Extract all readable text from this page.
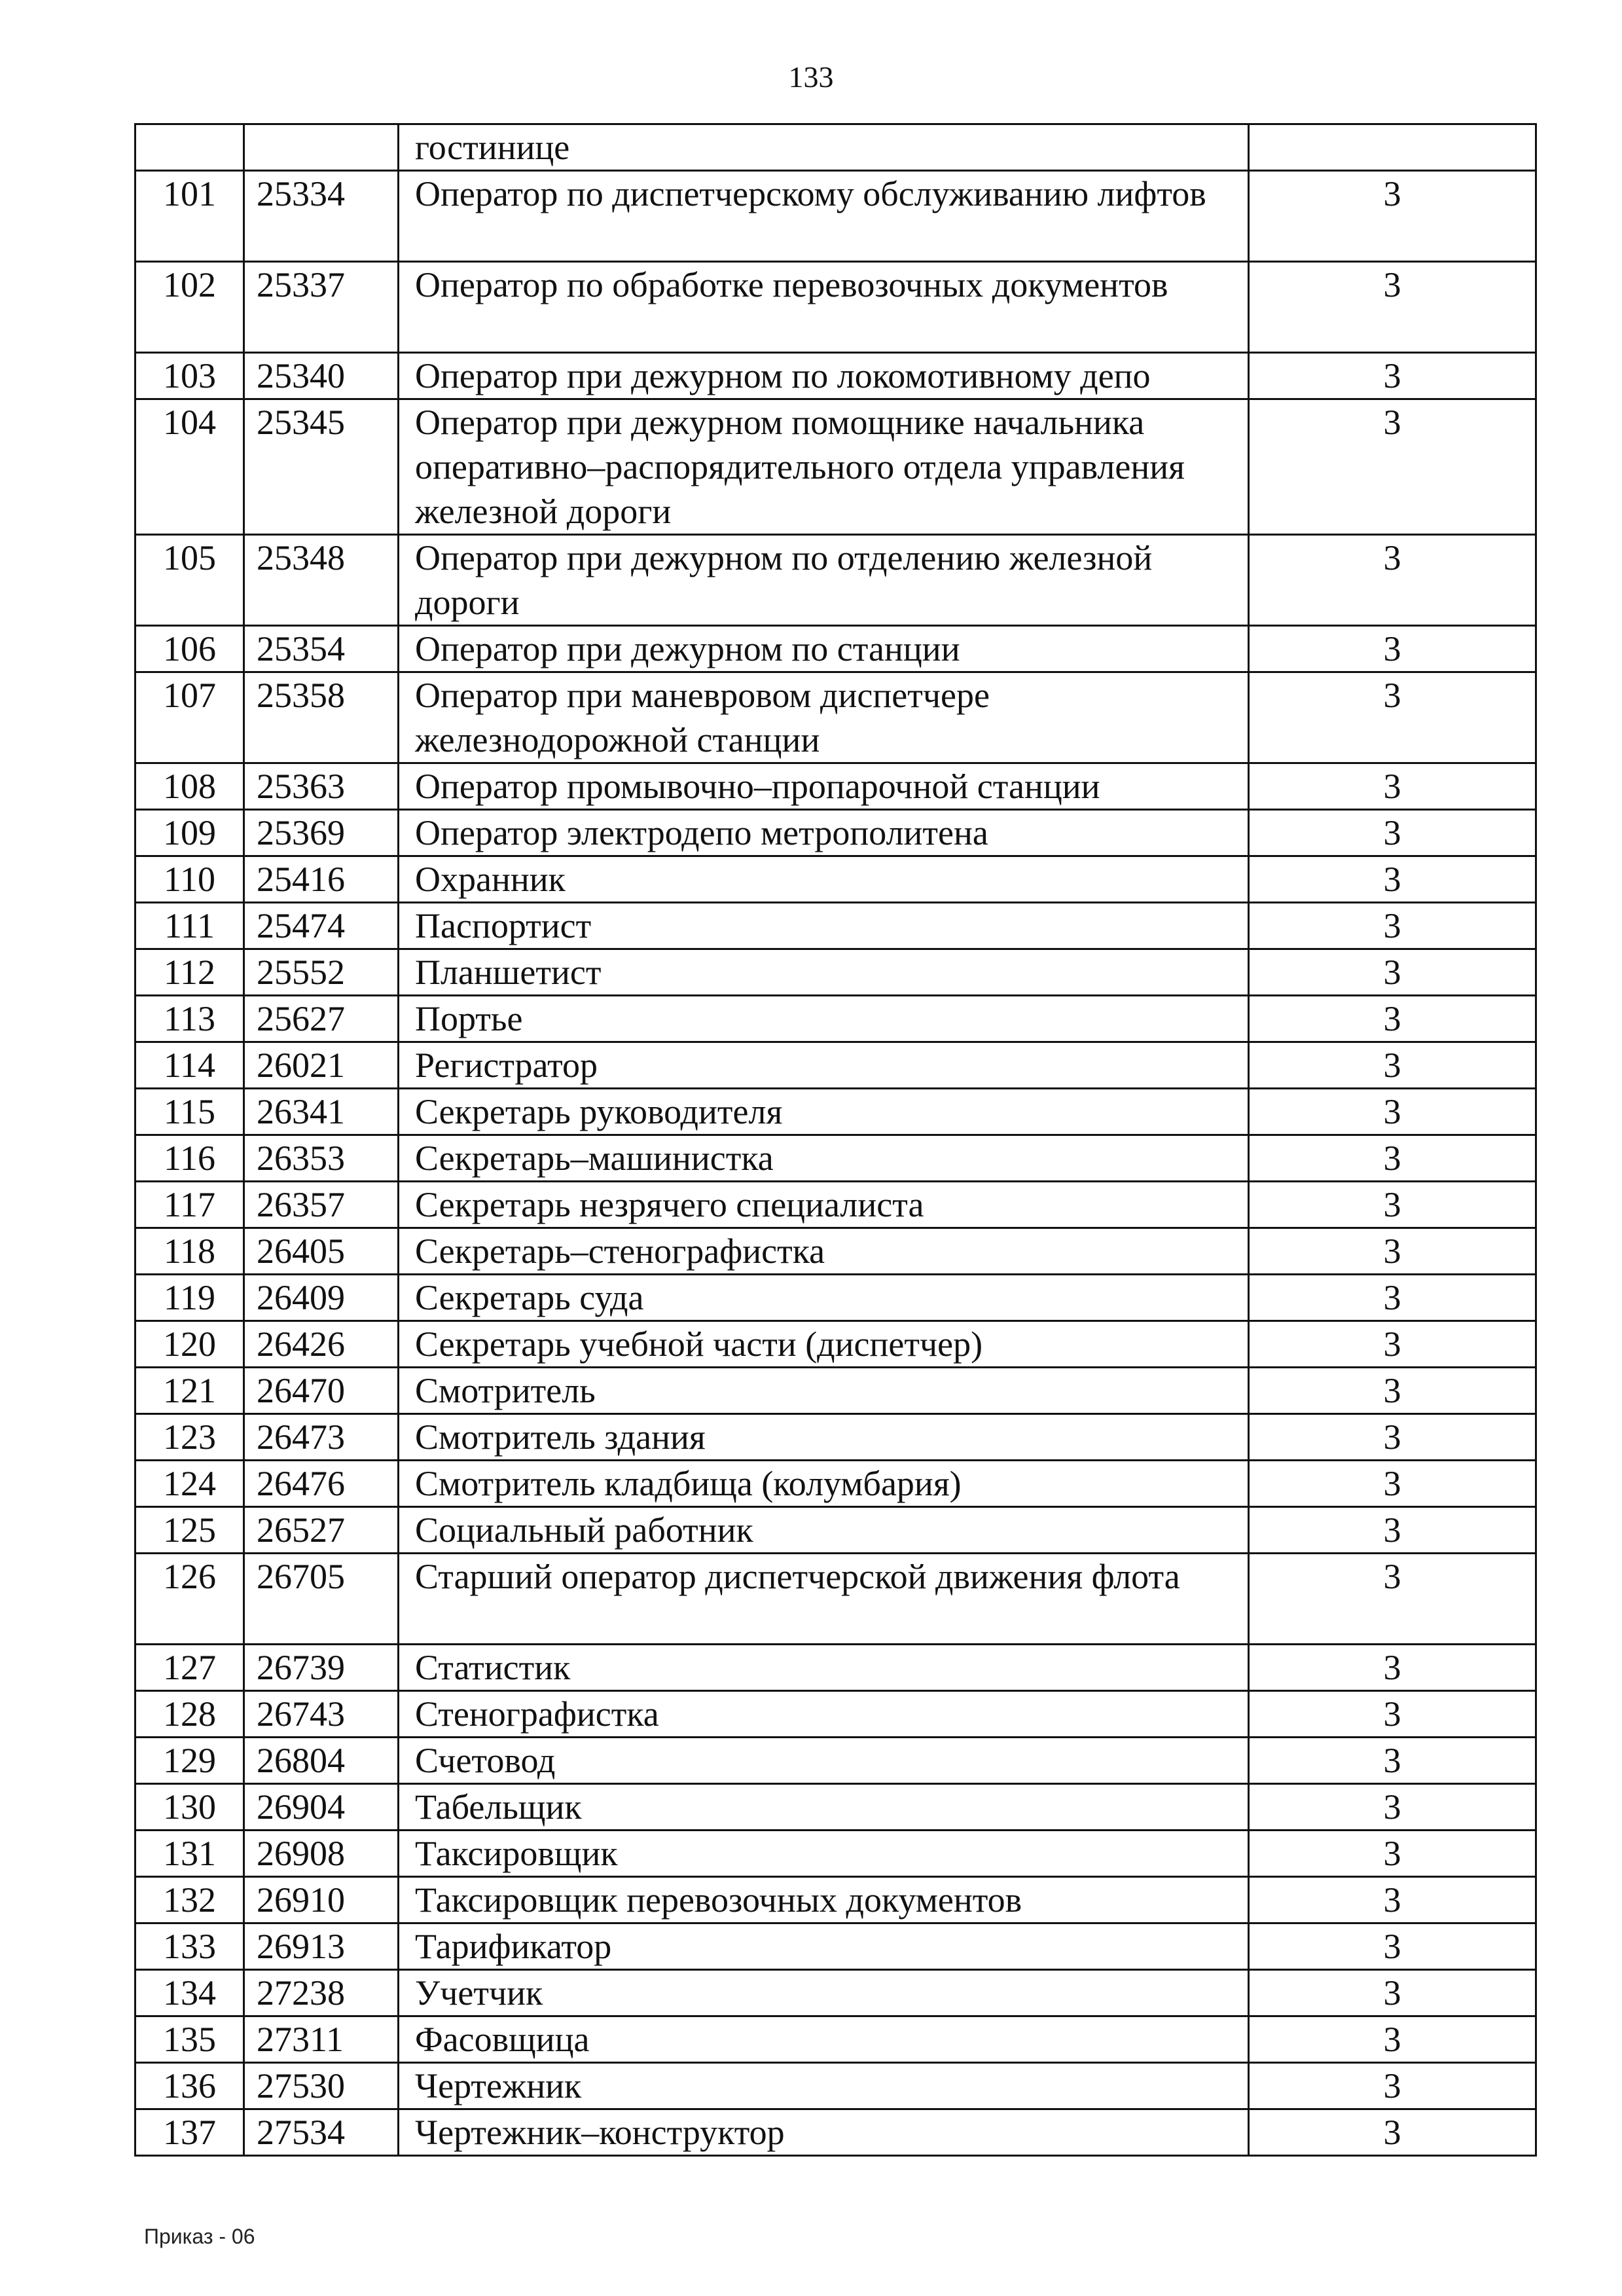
133
		гостинице	
101	25334	Оператор по диспетчерскому обслуживанию лифтов	3
102	25337	Оператор по обработке перевозочных документов	3
103	25340	Оператор при дежурном по локомотивному депо	3
104	25345	Оператор при дежурном помощнике начальника оперативно–распорядительного отдела управления железной дороги	3
105	25348	Оператор при дежурном по отделению железной дороги	3
106	25354	Оператор при дежурном по станции	3
107	25358	Оператор при маневровом диспетчере железнодорожной станции	3
108	25363	Оператор промывочно–пропарочной станции	3
109	25369	Оператор электродепо метрополитена	3
110	25416	Охранник	3
111	25474	Паспортист	3
112	25552	Планшетист	3
113	25627	Портье	3
114	26021	Регистратор	3
115	26341	Секретарь руководителя	3
116	26353	Секретарь–машинистка	3
117	26357	Секретарь незрячего специалиста	3
118	26405	Секретарь–стенографистка	3
119	26409	Секретарь суда	3
120	26426	Секретарь учебной части (диспетчер)	3
121	26470	Смотритель	3
123	26473	Смотритель здания	3
124	26476	Смотритель кладбища (колумбария)	3
125	26527	Социальный работник	3
126	26705	Старший оператор диспетчерской движения флота	3
127	26739	Статистик	3
128	26743	Стенографистка	3
129	26804	Счетовод	3
130	26904	Табельщик	3
131	26908	Таксировщик	3
132	26910	Таксировщик перевозочных документов	3
133	26913	Тарификатор	3
134	27238	Учетчик	3
135	27311	Фасовщица	3
136	27530	Чертежник	3
137	27534	Чертежник–конструктор	3
Приказ - 06
